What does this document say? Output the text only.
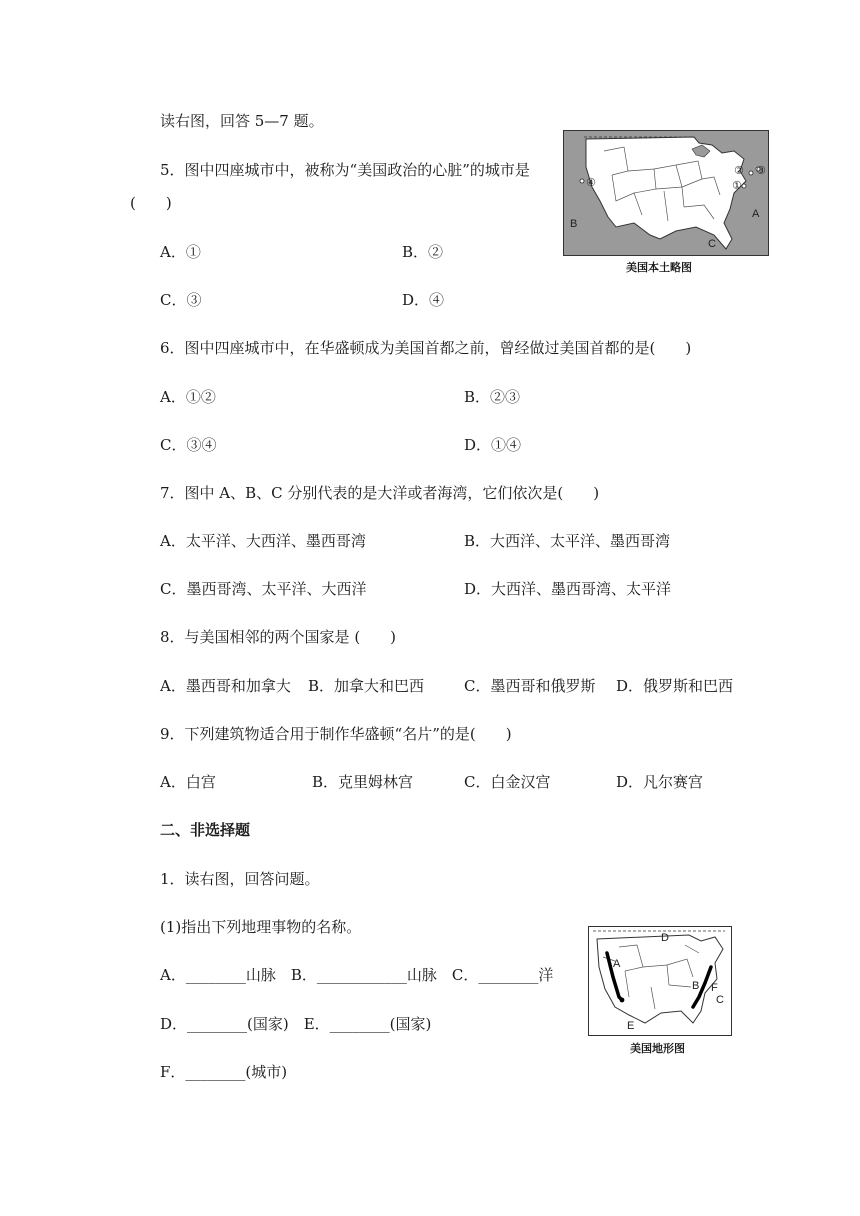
读右图，回答 5—7 题。
5．图中四座城市中，被称为“美国政治的心脏”的城市是
(　　)
A．①	B．②
C．③	D．④
6．图中四座城市中，在华盛顿成为美国首都之前，曾经做过美国首都的是(　　)
A．①②	B．②③
C．③④	D．①④
7．图中 A、B、C 分别代表的是大洋或者海湾，它们依次是(　　)
A．太平洋、大西洋、墨西哥湾	B．大西洋、太平洋、墨西哥湾
C．墨西哥湾、太平洋、大西洋	D．大西洋、墨西哥湾、太平洋
8．与美国相邻的两个国家是 (　　)
A．墨西哥和加拿大 B．加拿大和巴西	C．墨西哥和俄罗斯 D．俄罗斯和巴西
9．下列建筑物适合用于制作华盛顿“名片”的是(　　)
A．白宫	B．克里姆林宫	C．白金汉宫	D．凡尔赛宫
二、非选择题
1．读右图，回答问题。
(1)指出下列地理事物的名称。
A．________山脉　B．____________山脉　C．________洋
D．________(国家)　E．________(国家)
F．________(城市)
④	①
② ③
A
B
C
美国本土略图
A
B
C
D
E
F
美国地形图
